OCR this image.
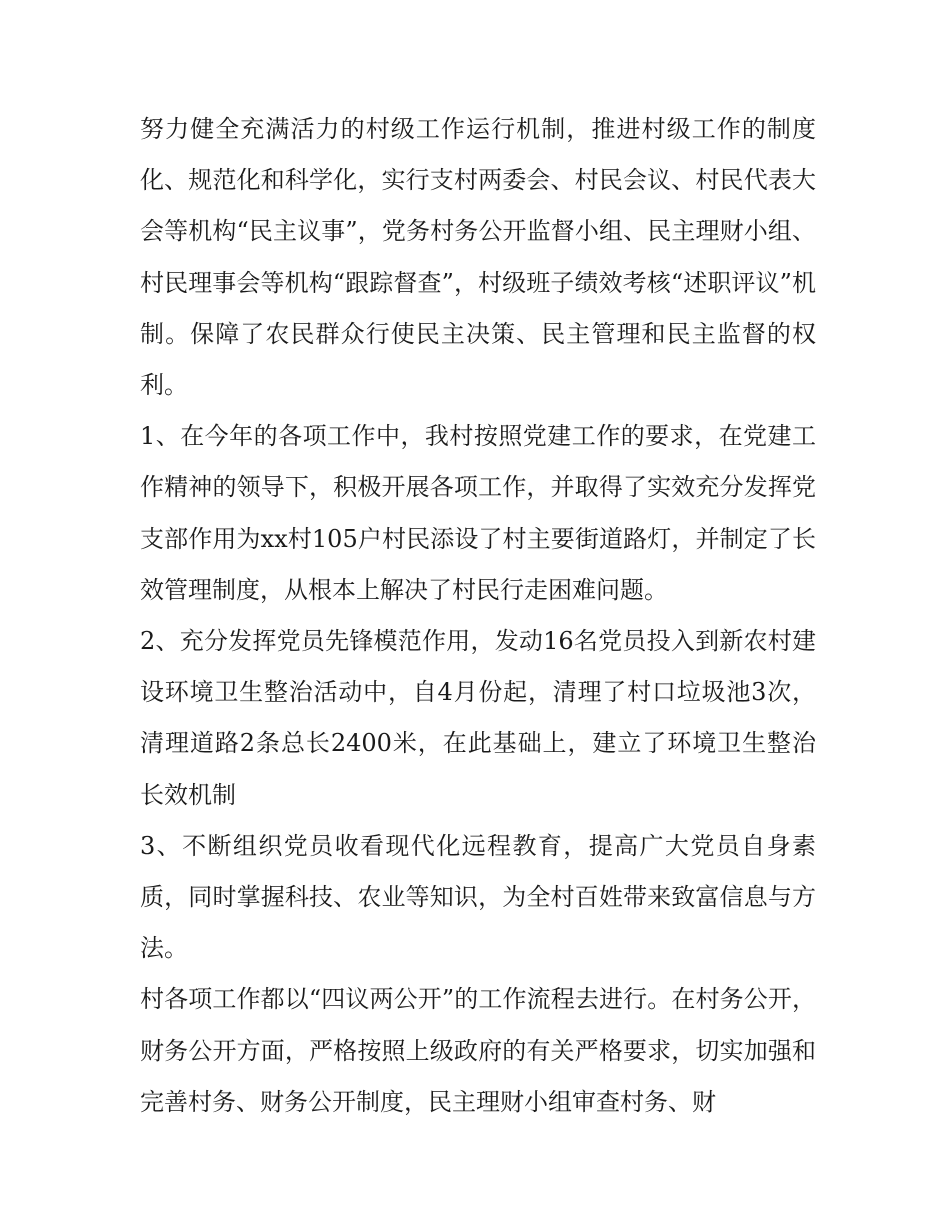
努力健全充满活力的村级工作运行机制，推进村级工作的制度化、规范化和科学化，实行支村两委会、村民会议、村民代表大会等机构“民主议事”，党务村务公开监督小组、民主理财小组、村民理事会等机构“跟踪督查”，村级班子绩效考核“述职评议”机制。保障了农民群众行使民主决策、民主管理和民主监督的权利。

1、在今年的各项工作中，我村按照党建工作的要求，在党建工作精神的领导下，积极开展各项工作，并取得了实效充分发挥党支部作用为xx村105户村民添设了村主要街道路灯，并制定了长效管理制度，从根本上解决了村民行走困难问题。

2、充分发挥党员先锋模范作用，发动16名党员投入到新农村建设环境卫生整治活动中，自4月份起，清理了村口垃圾池3次，清理道路2条总长2400米，在此基础上，建立了环境卫生整治长效机制

3、不断组织党员收看现代化远程教育，提高广大党员自身素质，同时掌握科技、农业等知识，为全村百姓带来致富信息与方法。

村各项工作都以“四议两公开”的工作流程去进行。在村务公开，财务公开方面，严格按照上级政府的有关严格要求，切实加强和完善村务、财务公开制度，民主理财小组审查村务、财
